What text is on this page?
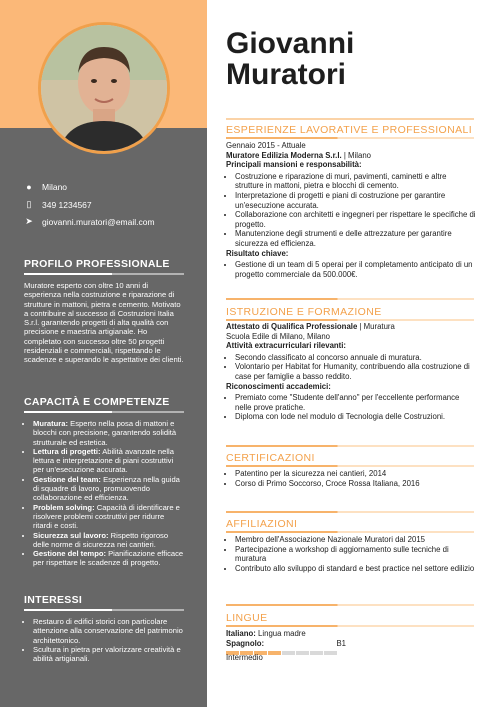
● Milano
▯ 349 1234567
➤ giovanni.muratori@email.com
PROFILO PROFESSIONALE
Muratore esperto con oltre 10 anni di esperienza nella costruzione e riparazione di strutture in mattoni, pietra e cemento. Motivato a contribuire al successo di Costruzioni Italia S.r.l. garantendo progetti di alta qualità con precisione e maestria artigianale. Ho completato con successo oltre 50 progetti residenziali e commerciali, rispettando le scadenze e superando le aspettative dei clienti.
CAPACITÀ E COMPETENZE
• Muratura: Esperto nella posa di mattoni e blocchi con precisione, garantendo solidità strutturale ed estetica.
• Lettura di progetti: Abilità avanzate nella lettura e interpretazione di piani costruttivi per un'esecuzione accurata.
• Gestione del team: Esperienza nella guida di squadre di lavoro, promuovendo collaborazione ed efficienza.
• Problem solving: Capacità di identificare e risolvere problemi costruttivi per ridurre ritardi e costi.
• Sicurezza sul lavoro: Rispetto rigoroso delle norme di sicurezza nei cantieri.
• Gestione del tempo: Pianificazione efficace per rispettare le scadenze di progetto.
INTERESSI
• Restauro di edifici storici con particolare attenzione alla conservazione del patrimonio architettonico.
• Scultura in pietra per valorizzare creatività e abilità artigianali.
Giovanni
Muratori
ESPERIENZE LAVORATIVE E PROFESSIONALI
Gennaio 2015 - Attuale
Muratore Edilizia Moderna S.r.l. | Milano
Principali mansioni e responsabilità:
• Costruzione e riparazione di muri, pavimenti, caminetti e altre strutture in mattoni, pietra e blocchi di cemento.
• Interpretazione di progetti e piani di costruzione per garantire un'esecuzione accurata.
• Collaborazione con architetti e ingegneri per rispettare le specifiche di progetto.
• Manutenzione degli strumenti e delle attrezzature per garantire sicurezza ed efficienza.
Risultato chiave:
• Gestione di un team di 5 operai per il completamento anticipato di un progetto commerciale da 500.000€.
ISTRUZIONE E FORMAZIONE
Attestato di Qualifica Professionale | Muratura
Scuola Edile di Milano, Milano
Attività extracurriculari rilevanti:
• Secondo classificato al concorso annuale di muratura.
• Volontario per Habitat for Humanity, contribuendo alla costruzione di case per famiglie a basso reddito.
Riconoscimenti accademici:
• Premiato come "Studente dell'anno" per l'eccellente performance nelle prove pratiche.
• Diploma con lode nel modulo di Tecnologia delle Costruzioni.
CERTIFICAZIONI
• Patentino per la sicurezza nei cantieri, 2014
• Corso di Primo Soccorso, Croce Rossa Italiana, 2016
AFFILIAZIONI
• Membro dell'Associazione Nazionale Muratori dal 2015
• Partecipazione a workshop di aggiornamento sulle tecniche di muratura
• Contributo allo sviluppo di standard e best practice nel settore edilizio
LINGUE
Italiano: Lingua madre
Spagnolo:	B1
Intermedio
